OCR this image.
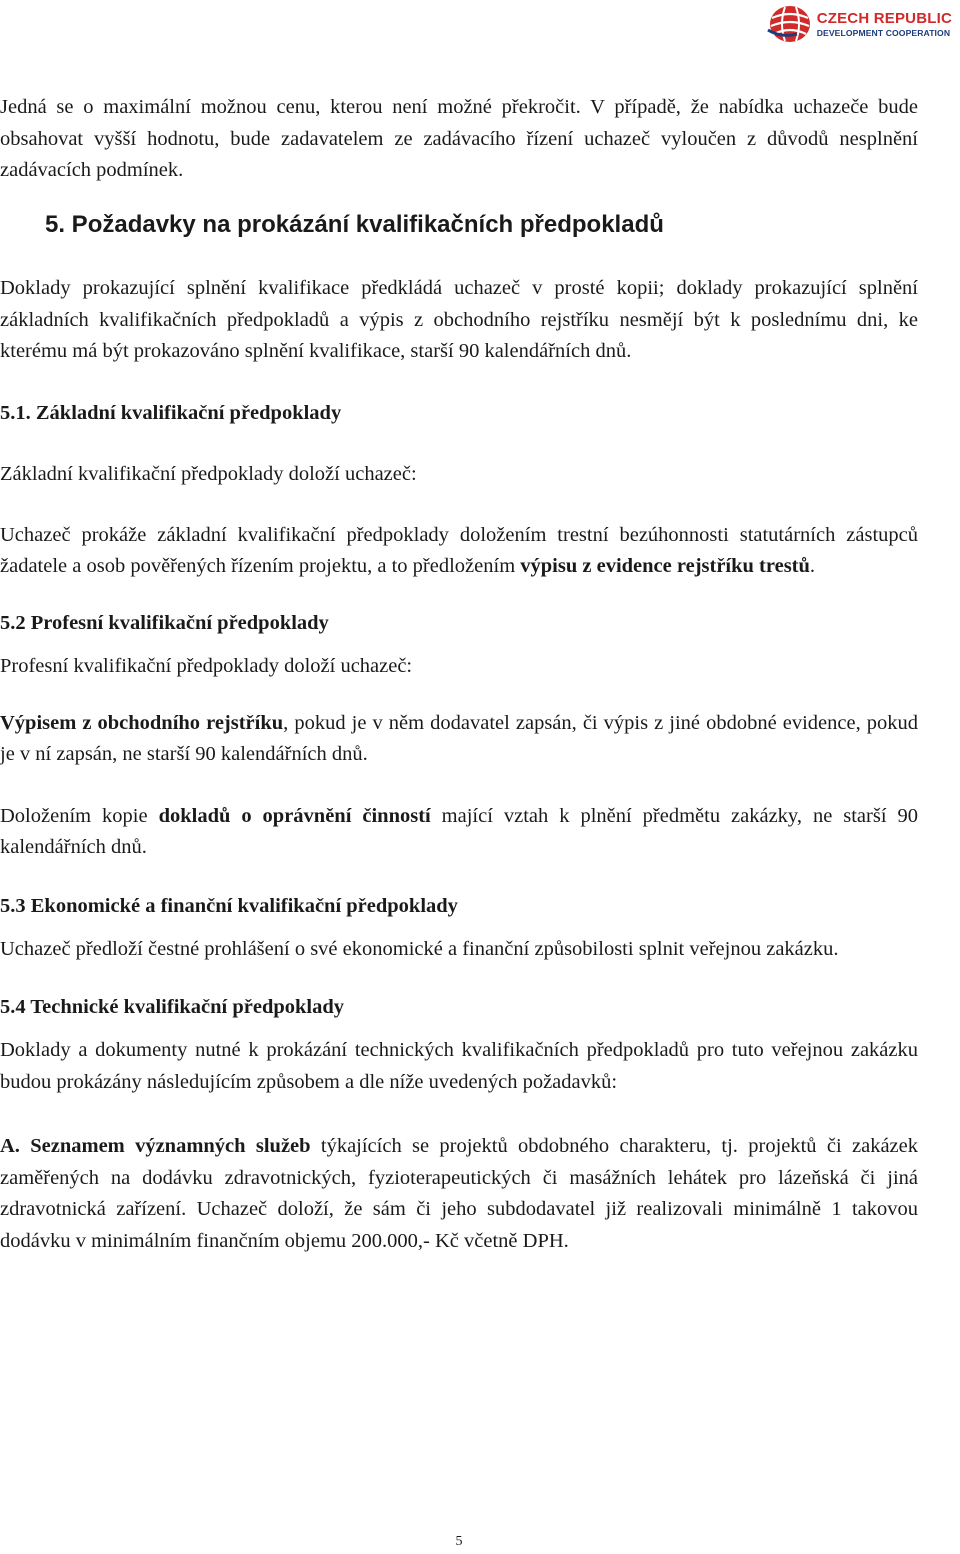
CZECH REPUBLIC
DEVELOPMENT COOPERATION

Jedná se o maximální možnou cenu, kterou není možné překročit. V případě, že nabídka uchazeče bude obsahovat vyšší hodnotu, bude zadavatelem ze zadávacího řízení uchazeč vyloučen z důvodů nesplnění zadávacích podmínek.

5. Požadavky na prokázání kvalifikačních předpokladů

Doklady prokazující splnění kvalifikace předkládá uchazeč v prosté kopii; doklady prokazující splnění základních kvalifikačních předpokladů a výpis z obchodního rejstříku nesmějí být k poslednímu dni, ke kterému má být prokazováno splnění kvalifikace, starší 90 kalendářních dnů.

5.1. Základní kvalifikační předpoklady

Základní kvalifikační předpoklady doloží uchazeč:

Uchazeč prokáže základní kvalifikační předpoklady doložením trestní bezúhonnosti statutárních zástupců žadatele a osob pověřených řízením projektu, a to předložením výpisu z evidence rejstříku trestů.

5.2 Profesní kvalifikační předpoklady

Profesní kvalifikační předpoklady doloží uchazeč:

Výpisem z obchodního rejstříku, pokud je v něm dodavatel zapsán, či výpis z jiné obdobné evidence, pokud je v ní zapsán, ne starší 90 kalendářních dnů.

Doložením kopie dokladů o oprávnění činností mající vztah k plnění předmětu zakázky, ne starší 90 kalendářních dnů.

5.3 Ekonomické a finanční kvalifikační předpoklady

Uchazeč předloží čestné prohlášení o své ekonomické a finanční způsobilosti splnit veřejnou zakázku.

5.4 Technické kvalifikační předpoklady

Doklady a dokumenty nutné k prokázání technických kvalifikačních předpokladů pro tuto veřejnou zakázku budou prokázány následujícím způsobem a dle níže uvedených požadavků:

A. Seznamem významných služeb týkajících se projektů obdobného charakteru, tj. projektů či zakázek zaměřených na dodávku zdravotnických, fyzioterapeutických či masážních lehátek pro lázeňská či jiná zdravotnická zařízení. Uchazeč doloží, že sám či jeho subdodavatel již realizovali minimálně 1 takovou dodávku v minimálním finančním objemu 200.000,- Kč včetně DPH.

5
